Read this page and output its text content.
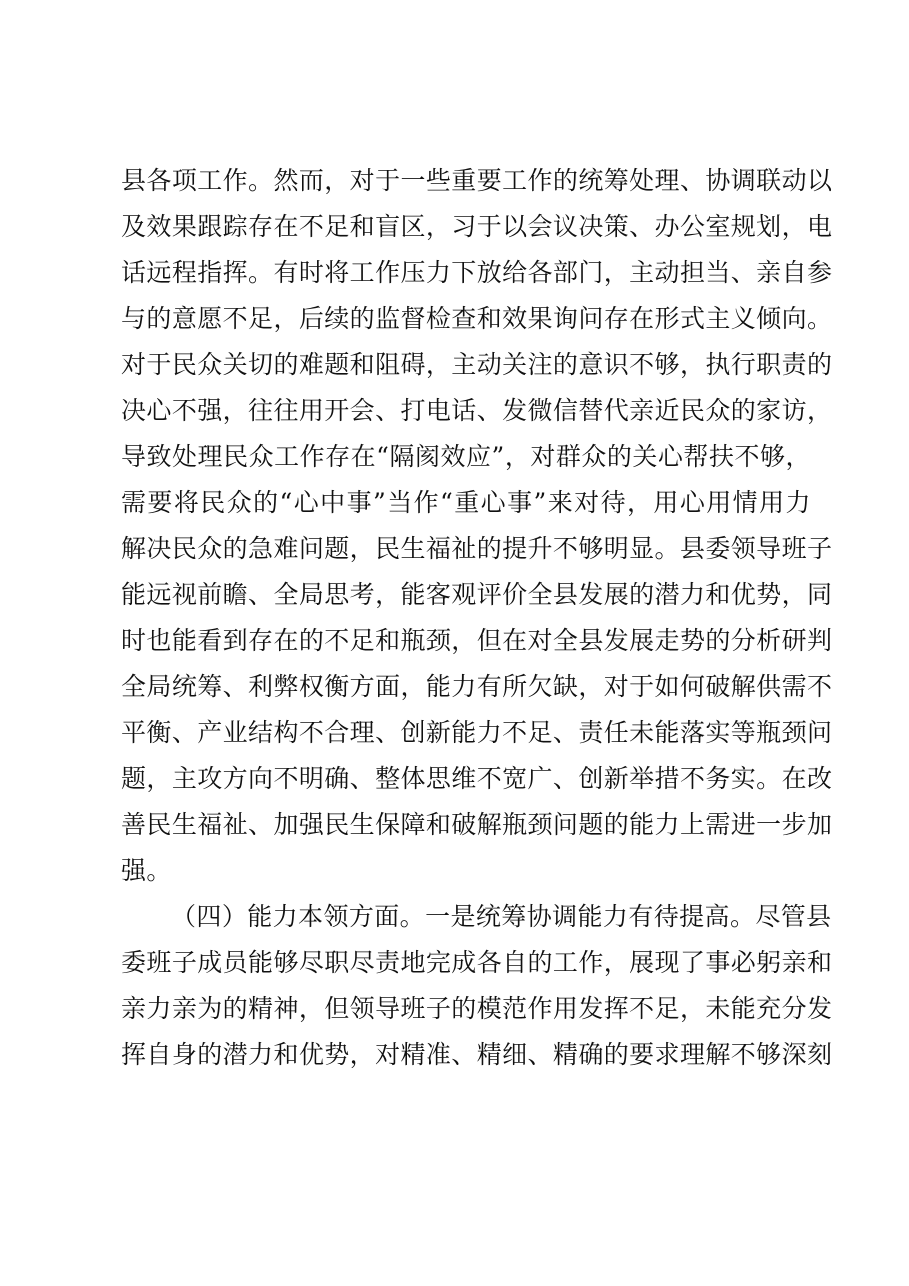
县 各 项 工 作 。 然 而 ， 对 于 一 些 重 要 工 作 的 统 筹 处 理 、 协 调 联 动 以
及 效 果 跟 踪 存 在 不 足 和 盲 区 ， 习 于 以 会 议 决 策 、 办 公 室 规 划 ， 电
话 远 程 指 挥 。 有 时 将 工 作 压 力 下 放 给 各 部 门 ， 主 动 担 当 、 亲 自 参
与 的 意 愿 不 足 ， 后 续 的 监 督 检 查 和 效 果 询 问 存 在 形 式 主 义 倾 向 。
对 于 民 众 关 切 的 难 题 和 阻 碍 ， 主 动 关 注 的 意 识 不 够 ， 执 行 职 责 的
决 心 不 强 ， 往 往 用 开 会 、 打 电 话 、 发 微 信 替 代 亲 近 民 众 的 家 访 ，
导 致 处 理 民 众 工 作 存 在 “ 隔 阂 效 应 ” ， 对 群 众 的 关 心 帮 扶 不 够 ，
需 要 将 民 众 的 “ 心 中 事 ” 当 作 “ 重 心 事 ” 来 对 待 ， 用 心 用 情 用 力
解 决 民 众 的 急 难 问 题 ， 民 生 福 祉 的 提 升 不 够 明 显 。 县 委 领 导 班 子
能 远 视 前 瞻 、 全 局 思 考 ， 能 客 观 评 价 全 县 发 展 的 潜 力 和 优 势 ， 同
时 也 能 看 到 存 在 的 不 足 和 瓶 颈 ， 但 在 对 全 县 发 展 走 势 的 分 析 研 判
全 局 统 筹 、 利 弊 权 衡 方 面 ， 能 力 有 所 欠 缺 ， 对 于 如 何 破 解 供 需 不
平 衡 、 产 业 结 构 不 合 理 、 创 新 能 力 不 足 、 责 任 未 能 落 实 等 瓶 颈 问
题 ， 主 攻 方 向 不 明 确 、 整 体 思 维 不 宽 广 、 创 新 举 措 不 务 实 。 在 改
善 民 生 福 祉 、 加 强 民 生 保 障 和 破 解 瓶 颈 问 题 的 能 力 上 需 进 一 步 加
强。
（ 四 ） 能 力 本 领 方 面 。 一 是 统 筹 协 调 能 力 有 待 提 高 。 尽 管 县
委 班 子 成 员 能 够 尽 职 尽 责 地 完 成 各 自 的 工 作 ， 展 现 了 事 必 躬 亲 和
亲 力 亲 为 的 精 神 ， 但 领 导 班 子 的 模 范 作 用 发 挥 不 足 ， 未 能 充 分 发
挥 自 身 的 潜 力 和 优 势 ， 对 精 准 、 精 细 、 精 确 的 要 求 理 解 不 够 深 刻
